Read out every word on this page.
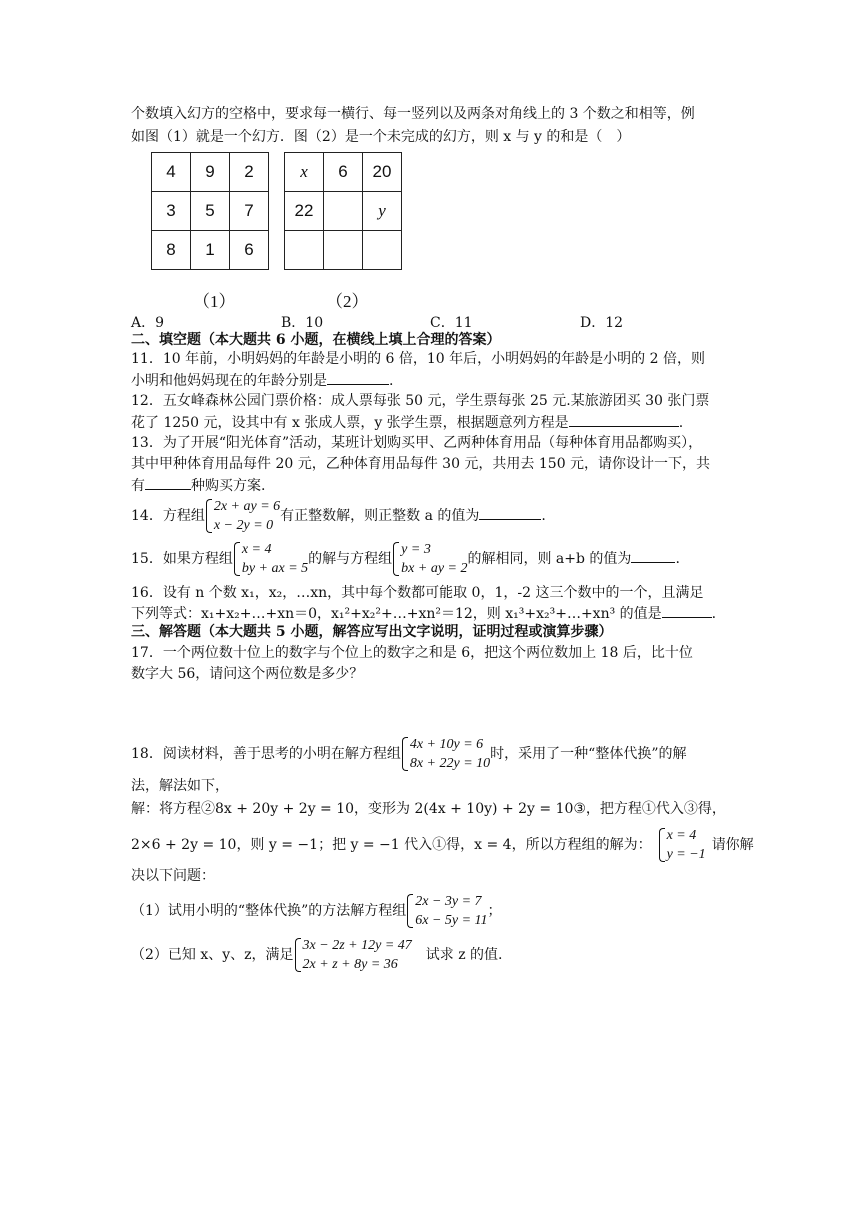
个数填入幻方的空格中，要求每一横行、每一竖列以及两条对角线上的 3 个数之和相等，例
如图（1）就是一个幻方．图（2）是一个未完成的幻方，则 x 与 y 的和是（　）
4	9	2
3	5	7
8	1	6
（1）
x	6	20
22		y

（2）
A．9	B．10	C．11	D．12
二、填空题（本大题共 6 小题，在横线上填上合理的答案）
11．10 年前，小明妈妈的年龄是小明的 6 倍，10 年后，小明妈妈的年龄是小明的 2 倍，则
小明和他妈妈现在的年龄分别是	.
12．五女峰森林公园门票价格：成人票每张 50 元，学生票每张 25 元.某旅游团买 30 张门票
花了 1250 元，设其中有 x 张成人票，y 张学生票，根据题意列方程是	.
13．为了开展“阳光体育”活动，某班计划购买甲、乙两种体育用品（每种体育用品都购买），
其中甲种体育用品每件 20 元，乙种体育用品每件 30 元，共用去 150 元，请你设计一下，共
有	种购买方案.
14．方程组
2x + ay = 6
x − 2y = 0
有正整数解，则正整数 a 的值为	.
15．如果方程组
x = 4
by + ax = 5
的解与方程组
y = 3
bx + ay = 2
的解相同，则 a+b 的值为	.
16．设有 n 个数 x₁，x₂，…xn，其中每个数都可能取 0，1，-2 这三个数中的一个，且满足
下列等式：x₁+x₂+…+xn＝0，x₁²+x₂²+…+xn²＝12，则 x₁³+x₂³+…+xn³ 的值是	.
三、解答题（本大题共 5 小题，解答应写出文字说明，证明过程或演算步骤）
17．一个两位数十位上的数字与个位上的数字之和是 6，把这个两位数加上 18 后，比十位
数字大 56，请问这个两位数是多少？
18．阅读材料，善于思考的小明在解方程组
4x + 10y = 6
8x + 22y = 10
时，采用了一种“整体代换”的解
法，解法如下，
解：将方程②8x + 20y + 2y = 10，变形为 2(4x + 10y) + 2y = 10③，把方程①代入③得，
2×6 + 2y = 10，则 y = −1；把 y = −1 代入①得，x = 4，所以方程组的解为：
x = 4
y = −1
请你解
决以下问题：
（1）试用小明的“整体代换”的方法解方程组
2x − 3y = 7
6x − 5y = 11
；
（2）已知 x、y、z，满足
3x − 2z + 12y = 47
2x + z + 8y = 36
试求 z 的值.
